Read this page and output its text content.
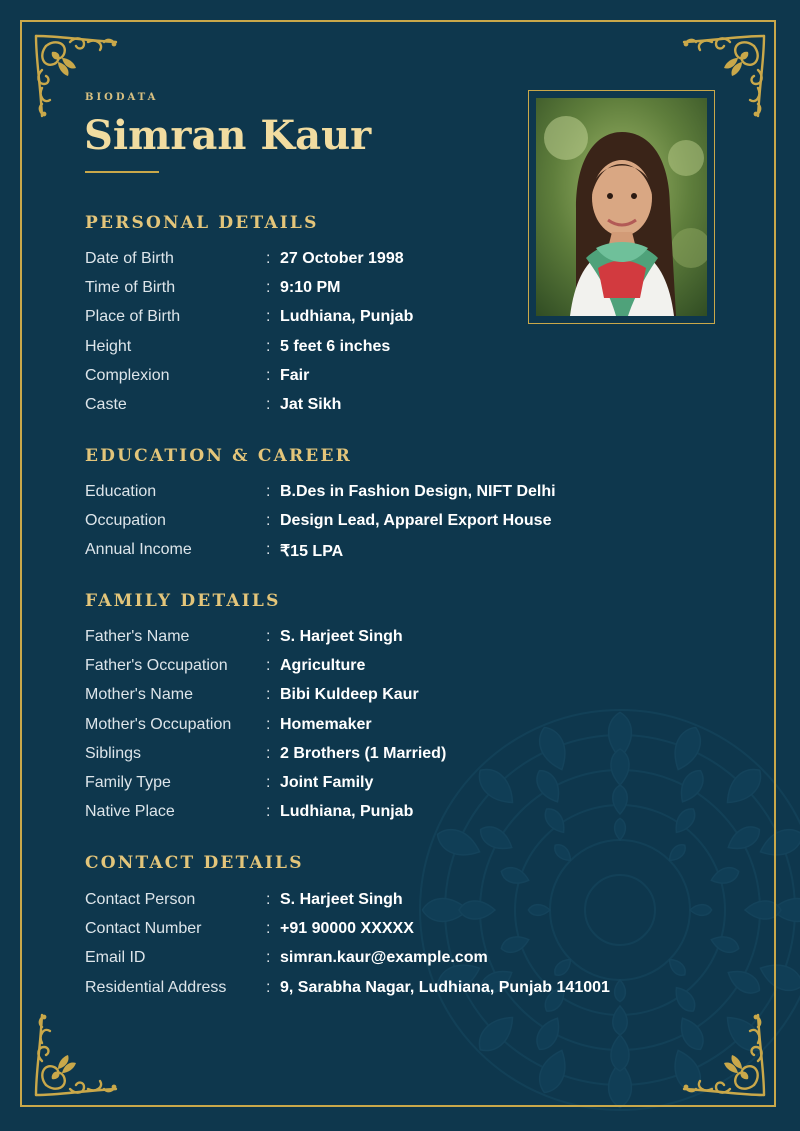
BIODATA
Simran Kaur
PERSONAL DETAILS
Date of Birth	: 27 October 1998
Time of Birth	: 9:10 PM
Place of Birth	: Ludhiana, Punjab
Height	: 5 feet 6 inches
Complexion	: Fair
Caste	: Jat Sikh
EDUCATION & CAREER
Education	: B.Des in Fashion Design, NIFT Delhi
Occupation	: Design Lead, Apparel Export House
Annual Income	: ₹15 LPA
FAMILY DETAILS
Father's Name	: S. Harjeet Singh
Father's Occupation : Agriculture
Mother's Name	: Bibi Kuldeep Kaur
Mother's Occupation : Homemaker
Siblings	: 2 Brothers (1 Married)
Family Type	: Joint Family
Native Place	: Ludhiana, Punjab
CONTACT DETAILS
Contact Person	: S. Harjeet Singh
Contact Number	: +91 90000 XXXXX
Email ID	: simran.kaur@example.com
Residential Address : 9, Sarabha Nagar, Ludhiana, Punjab 141001
